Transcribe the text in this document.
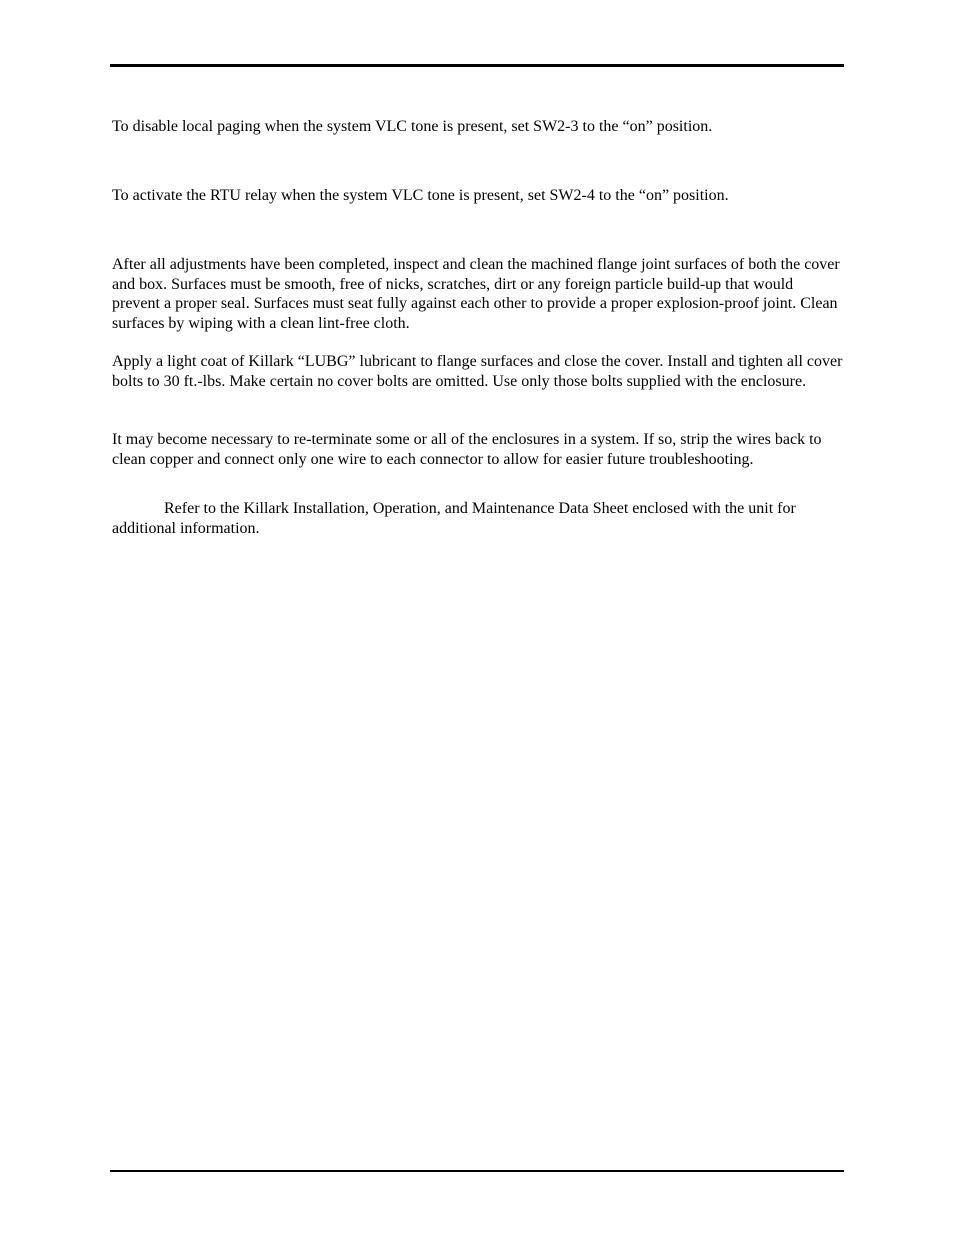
To disable local paging when the system VLC tone is present, set SW2-3 to the “on” position.

To activate the RTU relay when the system VLC tone is present, set SW2-4 to the “on” position.

After all adjustments have been completed, inspect and clean the machined flange joint surfaces of both the cover and box. Surfaces must be smooth, free of nicks, scratches, dirt or any foreign particle build-up that would prevent a proper seal. Surfaces must seat fully against each other to provide a proper explosion-proof joint. Clean surfaces by wiping with a clean lint-free cloth.

Apply a light coat of Killark “LUBG” lubricant to flange surfaces and close the cover. Install and tighten all cover bolts to 30 ft.-lbs. Make certain no cover bolts are omitted. Use only those bolts supplied with the enclosure.

It may become necessary to re-terminate some or all of the enclosures in a system. If so, strip the wires back to clean copper and connect only one wire to each connector to allow for easier future troubleshooting.

Refer to the Killark Installation, Operation, and Maintenance Data Sheet enclosed with the unit for additional information.
